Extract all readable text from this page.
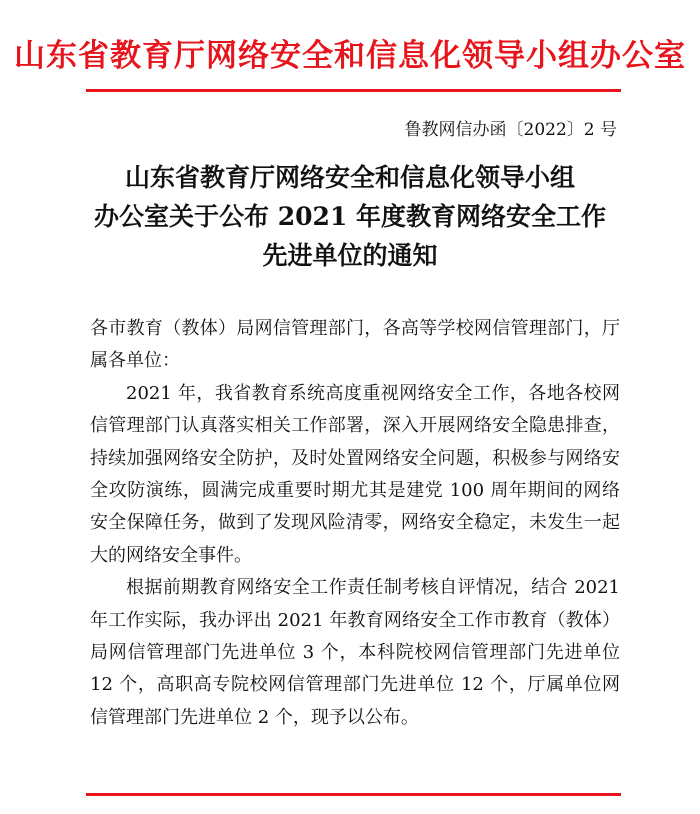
山东省教育厅网络安全和信息化领导小组办公室
鲁教网信办函〔2022〕2 号
山东省教育厅网络安全和信息化领导小组
办公室关于公布 2021 年度教育网络安全工作
先进单位的通知

各市教育（教体）局网信管理部门，各高等学校网信管理部门，厅属各单位：

2021 年，我省教育系统高度重视网络安全工作，各地各校网信管理部门认真落实相关工作部署，深入开展网络安全隐患排查，持续加强网络安全防护，及时处置网络安全问题，积极参与网络安全攻防演练，圆满完成重要时期尤其是建党 100 周年期间的网络安全保障任务，做到了发现风险清零，网络安全稳定，未发生一起大的网络安全事件。

根据前期教育网络安全工作责任制考核自评情况，结合 2021 年工作实际，我办评出 2021 年教育网络安全工作市教育（教体）局网信管理部门先进单位 3 个，本科院校网信管理部门先进单位 12 个，高职高专院校网信管理部门先进单位 12 个，厅属单位网信管理部门先进单位 2 个，现予以公布。
